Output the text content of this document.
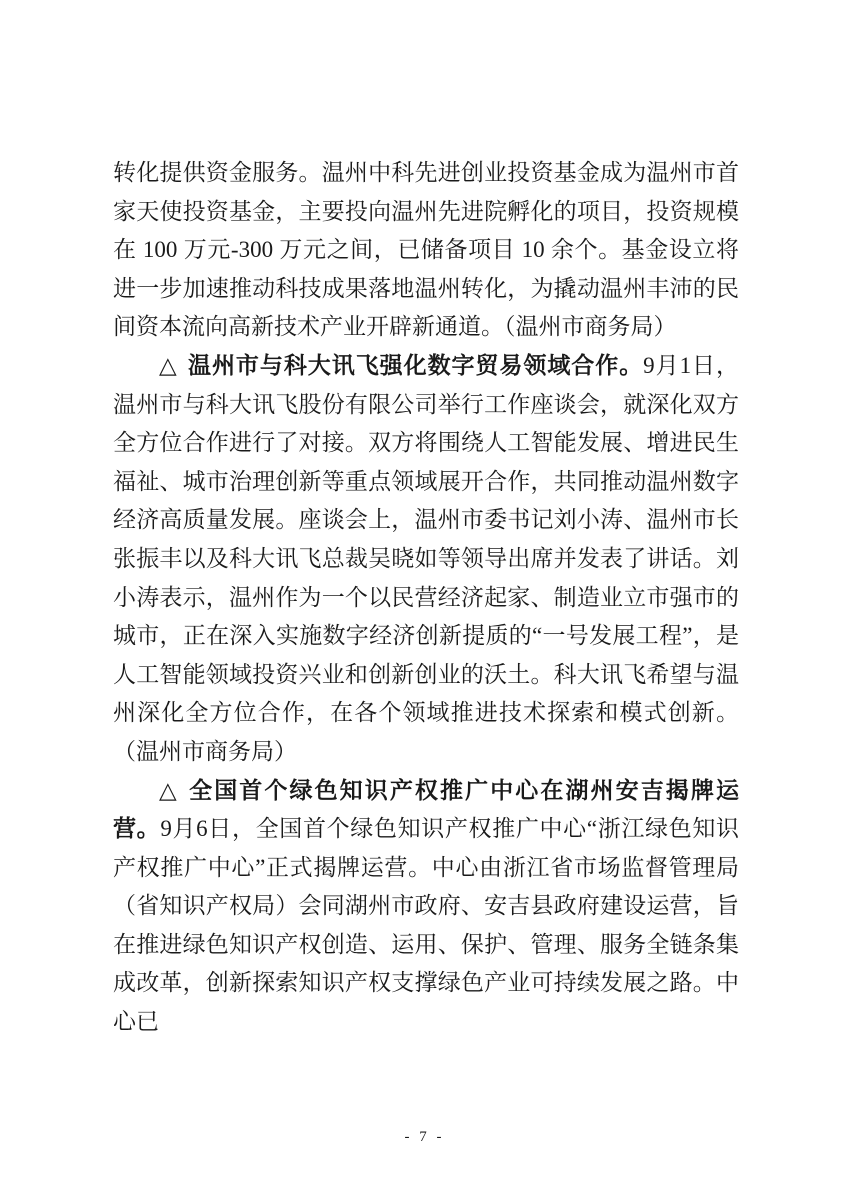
转化提供资金服务。温州中科先进创业投资基金成为温州市首家天使投资基金，主要投向温州先进院孵化的项目，投资规模在 100 万元-300 万元之间，已储备项目 10 余个。基金设立将进一步加速推动科技成果落地温州转化，为撬动温州丰沛的民间资本流向高新技术产业开辟新通道。（温州市商务局）

△ 温州市与科大讯飞强化数字贸易领域合作。9月1日，温州市与科大讯飞股份有限公司举行工作座谈会，就深化双方全方位合作进行了对接。双方将围绕人工智能发展、增进民生福祉、城市治理创新等重点领域展开合作，共同推动温州数字经济高质量发展。座谈会上，温州市委书记刘小涛、温州市长张振丰以及科大讯飞总裁吴晓如等领导出席并发表了讲话。刘小涛表示，温州作为一个以民营经济起家、制造业立市强市的城市，正在深入实施数字经济创新提质的“一号发展工程”，是人工智能领域投资兴业和创新创业的沃土。科大讯飞希望与温州深化全方位合作，在各个领域推进技术探索和模式创新。（温州市商务局）

△ 全国首个绿色知识产权推广中心在湖州安吉揭牌运营。9月6日，全国首个绿色知识产权推广中心“浙江绿色知识产权推广中心”正式揭牌运营。中心由浙江省市场监督管理局（省知识产权局）会同湖州市政府、安吉县政府建设运营，旨在推进绿色知识产权创造、运用、保护、管理、服务全链条集成改革，创新探索知识产权支撑绿色产业可持续发展之路。中心已

- 7 -
